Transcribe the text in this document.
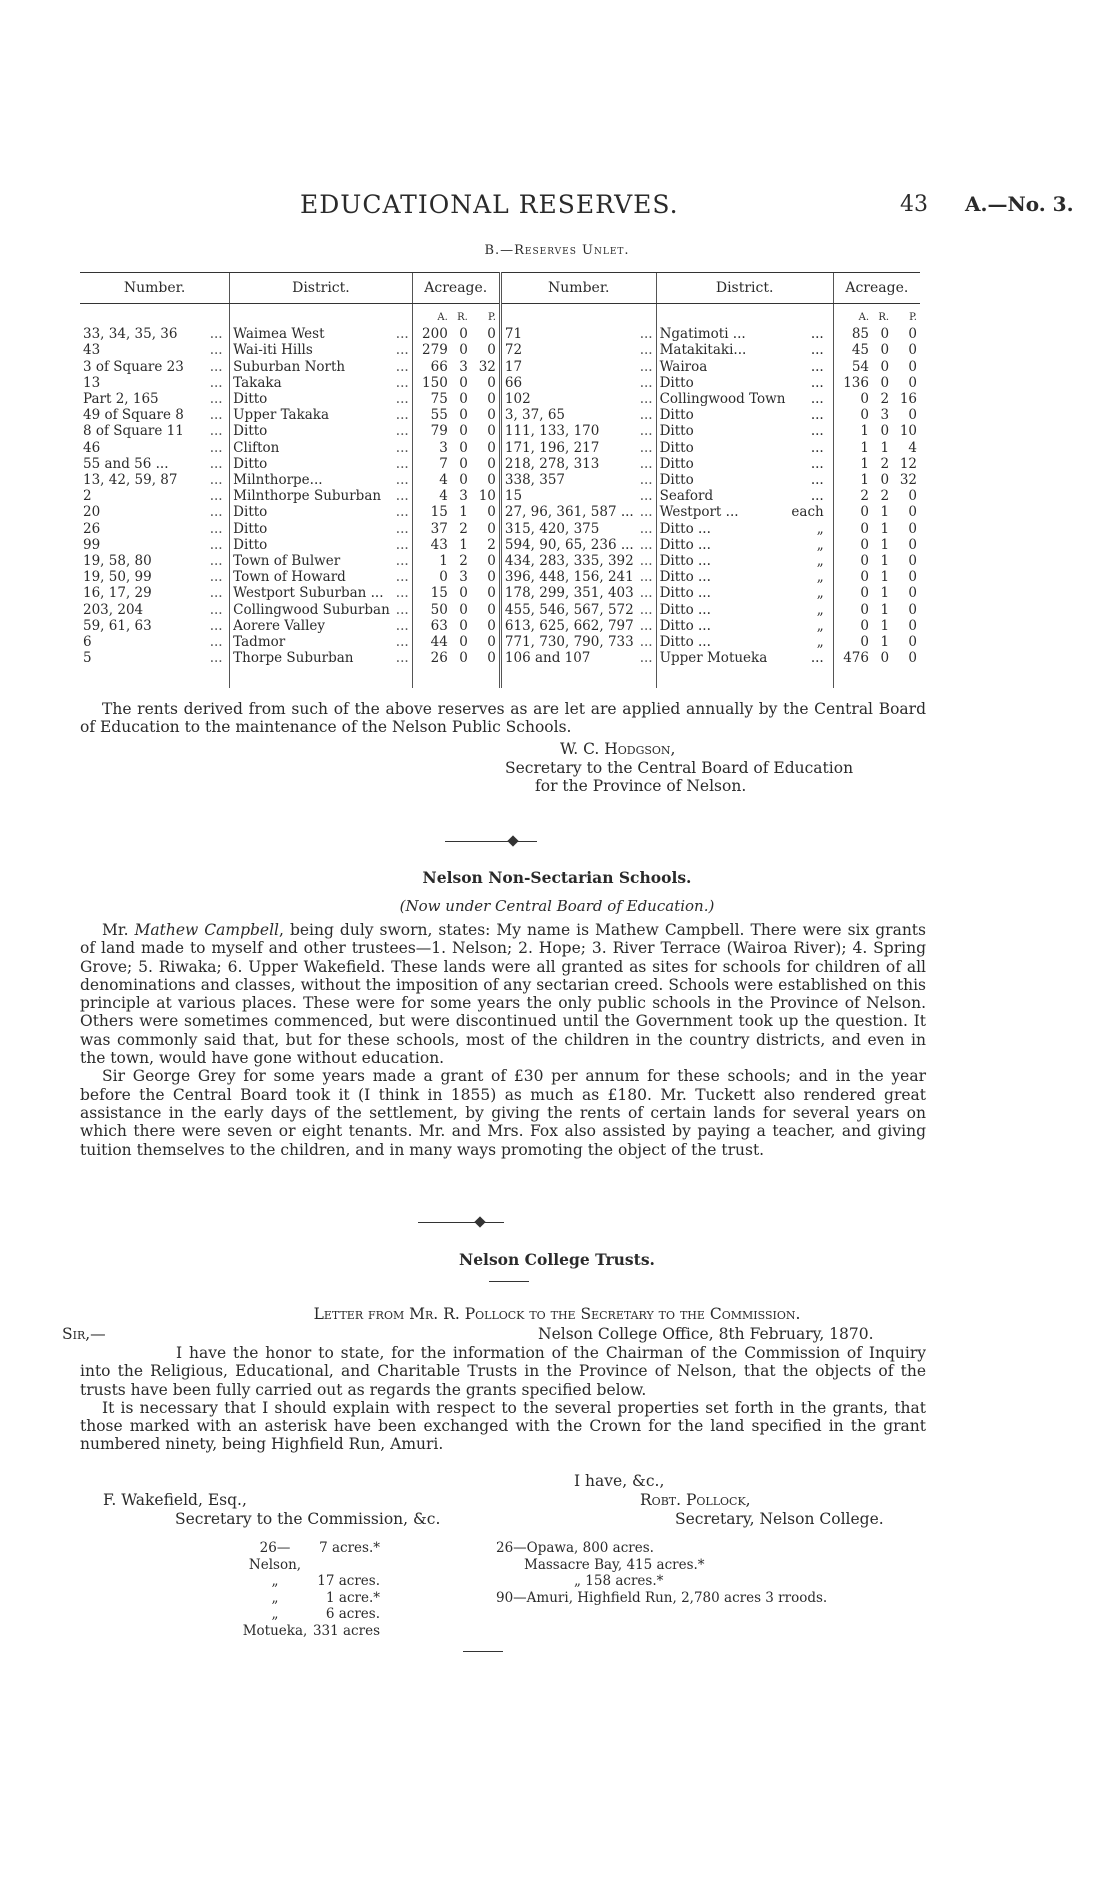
EDUCATIONAL RESERVES.	43 A.—No. 3.
B.—Reserves Unlet.
Number.		District.		Acreage.			Number.		District.			Acreage.		
				A.	R.	P.						A.	R.	P.
33, 34, 35, 36	...	Waimea West	...	200	0	0	71	...	Ngatimoti ...	...		85	0	0
43	...	Wai-iti Hills	...	279	0	0	72	...	Matakitaki...	...		45	0	0
3 of Square 23	...	Suburban North	...	66	3	32	17	...	Wairoa	...		54	0	0
13	...	Takaka	...	150	0	0	66	...	Ditto	...		136	0	0
Part 2, 165	...	Ditto	...	75	0	0	102	...	Collingwood Town	...		0	2	16
49 of Square 8	...	Upper Takaka	...	55	0	0	3, 37, 65	...	Ditto	...		0	3	0
8 of Square 11	...	Ditto	...	79	0	0	111, 133, 170	...	Ditto	...		1	0	10
46	...	Clifton	...	3	0	0	171, 196, 217	...	Ditto	...		1	1	4
55 and 56 ...	...	Ditto	...	7	0	0	218, 278, 313	...	Ditto	...		1	2	12
13, 42, 59, 87	...	Milnthorpe...	...	4	0	0	338, 357	...	Ditto	...		1	0	32
2	...	Milnthorpe Suburban	...	4	3	10	15	...	Seaford	...		2	2	0
20	...	Ditto	...	15	1	0	27, 96, 361, 587 ...	...	Westport ...	each		0	1	0
26	...	Ditto	...	37	2	0	315, 420, 375	...	Ditto ...	„		0	1	0
99	...	Ditto	...	43	1	2	594, 90, 65, 236 ...	...	Ditto ...	„		0	1	0
19, 58, 80	...	Town of Bulwer	...	1	2	0	434, 283, 335, 392	...	Ditto ...	„		0	1	0
19, 50, 99	...	Town of Howard	...	0	3	0	396, 448, 156, 241	...	Ditto ...	„		0	1	0
16, 17, 29	...	Westport Suburban ...	...	15	0	0	178, 299, 351, 403	...	Ditto ...	„		0	1	0
203, 204	...	Collingwood Suburban	...	50	0	0	455, 546, 567, 572	...	Ditto ...	„		0	1	0
59, 61, 63	...	Aorere Valley	...	63	0	0	613, 625, 662, 797	...	Ditto ...	„		0	1	0
6	...	Tadmor	...	44	0	0	771, 730, 790, 733	...	Ditto ...	„		0	1	0
5	...	Thorpe Suburban	...	26	0	0	106 and 107	...	Upper Motueka	...		476	0	0

The rents derived from such of the above reserves as are let are applied annually by the Central Board of Education to the maintenance of the Nelson Public Schools.

W. C. Hodgson,
Secretary to the Central Board of Education
for the Province of Nelson.
Nelson Non-Sectarian Schools.
(Now under Central Board of Education.)

Mr. Mathew Campbell, being duly sworn, states: My name is Mathew Campbell. There were six grants of land made to myself and other trustees—1. Nelson; 2. Hope; 3. River Terrace (Wairoa River); 4. Spring Grove; 5. Riwaka; 6. Upper Wakefield. These lands were all granted as sites for schools for children of all denominations and classes, without the imposition of any sectarian creed. Schools were established on this principle at various places. These were for some years the only public schools in the Province of Nelson. Others were sometimes commenced, but were discontinued until the Government took up the question. It was commonly said that, but for these schools, most of the children in the country districts, and even in the town, would have gone without education.

Sir George Grey for some years made a grant of £30 per annum for these schools; and in the year before the Central Board took it (I think in 1855) as much as £180. Mr. Tuckett also rendered great assistance in the early days of the settlement, by giving the rents of certain lands for several years on which there were seven or eight tenants. Mr. and Mrs. Fox also assisted by paying a teacher, and giving tuition themselves to the children, and in many ways promoting the object of the trust.

Nelson College Trusts.
Letter from Mr. R. Pollock to the Secretary to the Commission.
Sir,—	Nelson College Office, 8th February, 1870.

I have the honor to state, for the information of the Chairman of the Commission of Inquiry into the Religious, Educational, and Charitable Trusts in the Province of Nelson, that the objects of the trusts have been fully carried out as regards the grants specified below.

It is necessary that I should explain with respect to the several properties set forth in the grants, that those marked with an asterisk have been exchanged with the Crown for the land specified in the grant numbered ninety, being Highfield Run, Amuri.

I have, &c.,
Robt. Pollock,
Secretary, Nelson College.
F. Wakefield, Esq.,
Secretary to the Commission, &c.
26—Nelson,
7 acres.*
„	17 acres.
„	1 acre.*
„	6 acres.
Motueka, 331 acres
26—Opawa, 800 acres.
Massacre Bay, 415 acres.*
„ 158 acres.*
90—Amuri, Highfield Run, 2,780 acres 3 rroods.
